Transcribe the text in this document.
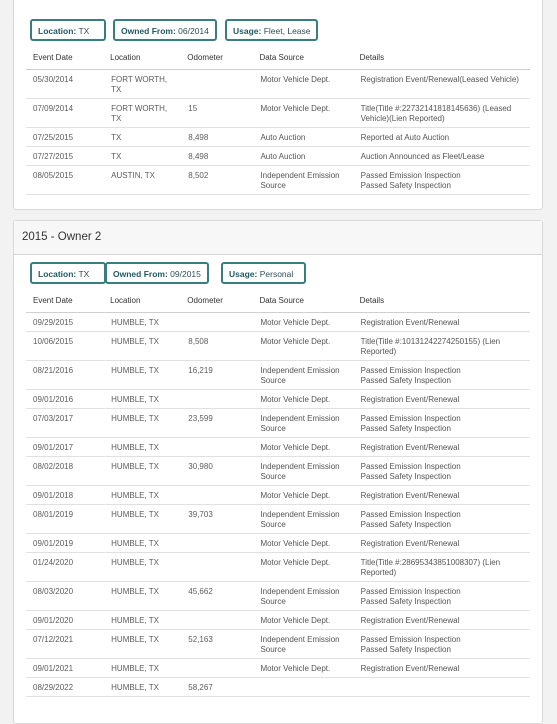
Location: TX	Owned From: 06/2014	Usage: Fleet, Lease
Event Date	Location	Odometer	Data Source	Details
05/30/2014	FORT WORTH, TX		Motor Vehicle Dept.	Registration Event/Renewal(Leased Vehicle)
07/09/2014	FORT WORTH, TX	15	Motor Vehicle Dept.	Title(Title #:22732141818145636) (Leased Vehicle)(Lien Reported)
07/25/2015	TX	8,498	Auto Auction	Reported at Auto Auction
07/27/2015	TX	8,498	Auto Auction	Auction Announced as Fleet/Lease
08/05/2015	AUSTIN, TX	8,502	Independent Emission Source	Passed Emission Inspection
Passed Safety Inspection
2015 - Owner 2
Location: TX	Owned From: 09/2015	Usage: Personal
Event Date	Location	Odometer	Data Source	Details
09/29/2015	HUMBLE, TX		Motor Vehicle Dept.	Registration Event/Renewal
10/06/2015	HUMBLE, TX	8,508	Motor Vehicle Dept.	Title(Title #:10131242274250155) (Lien Reported)
08/21/2016	HUMBLE, TX	16,219	Independent Emission Source	Passed Emission Inspection
Passed Safety Inspection
09/01/2016	HUMBLE, TX		Motor Vehicle Dept.	Registration Event/Renewal
07/03/2017	HUMBLE, TX	23,599	Independent Emission Source	Passed Emission Inspection
Passed Safety Inspection
09/01/2017	HUMBLE, TX		Motor Vehicle Dept.	Registration Event/Renewal
08/02/2018	HUMBLE, TX	30,980	Independent Emission Source	Passed Emission Inspection
Passed Safety Inspection
09/01/2018	HUMBLE, TX		Motor Vehicle Dept.	Registration Event/Renewal
08/01/2019	HUMBLE, TX	39,703	Independent Emission Source	Passed Emission Inspection
Passed Safety Inspection
09/01/2019	HUMBLE, TX		Motor Vehicle Dept.	Registration Event/Renewal
01/24/2020	HUMBLE, TX		Motor Vehicle Dept.	Title(Title #:28695343851008307) (Lien Reported)
08/03/2020	HUMBLE, TX	45,662	Independent Emission Source	Passed Emission Inspection
Passed Safety Inspection
09/01/2020	HUMBLE, TX		Motor Vehicle Dept.	Registration Event/Renewal
07/12/2021	HUMBLE, TX	52,163	Independent Emission Source	Passed Emission Inspection
Passed Safety Inspection
09/01/2021	HUMBLE, TX		Motor Vehicle Dept.	Registration Event/Renewal
08/29/2022	HUMBLE, TX	58,267		
